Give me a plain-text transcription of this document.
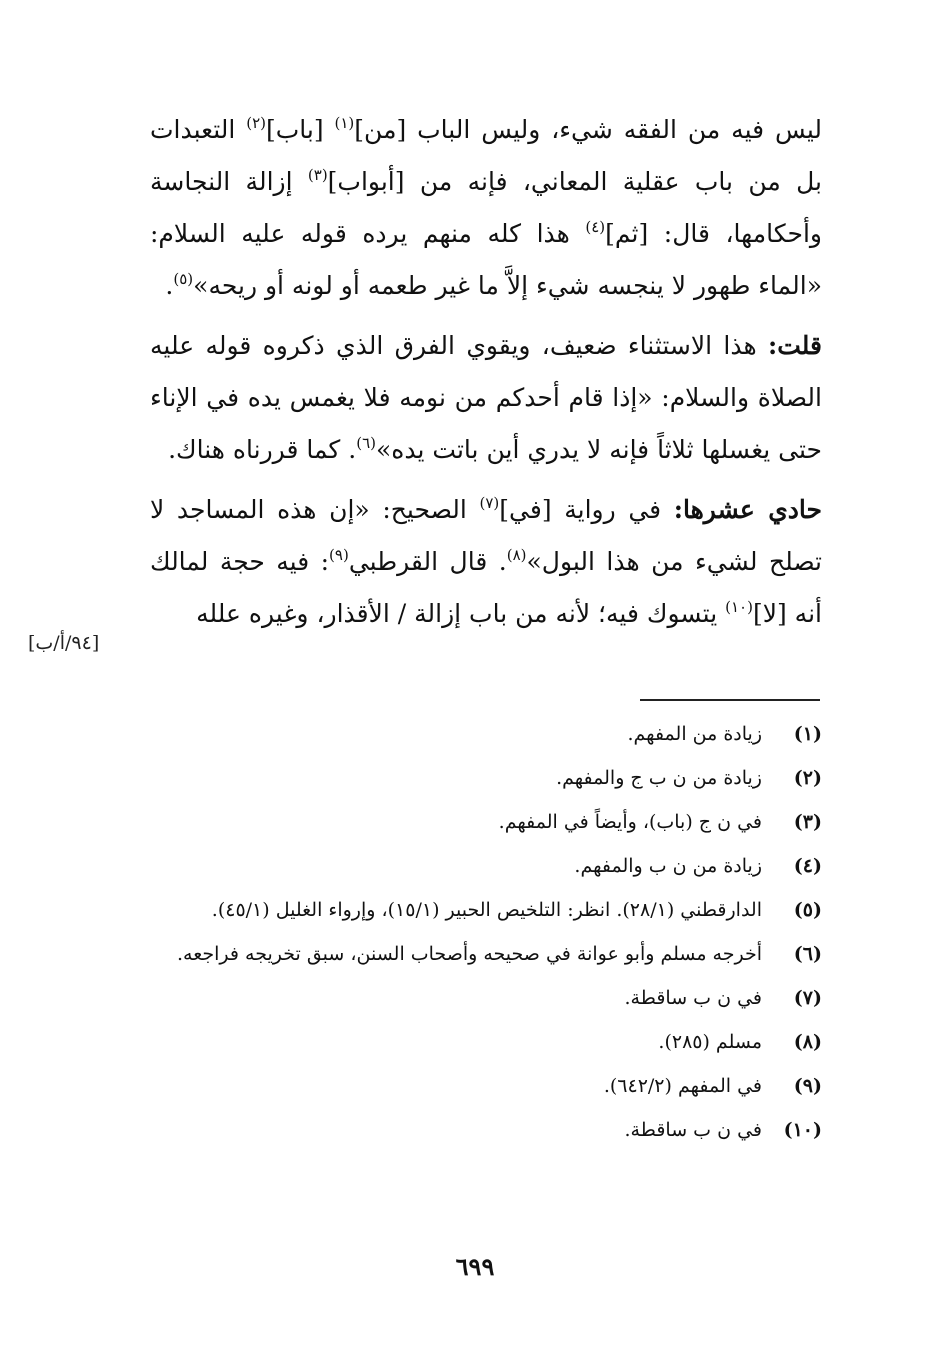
ليس فيه من الفقه شيء، وليس الباب [من]$^{(١)}$ [باب]$^{(٢)}$ التعبدات بل من باب عقلية المعاني، فإنه من [أبواب]$^{(٣)}$ إزالة النجاسة وأحكامها، قال: [ثم]$^{(٤)}$ هذا كله منهم يرده قوله عليه السلام: «الماء طهور لا ينجسه شيء إلاَّ ما غير طعمه أو لونه أو ريحه»$^{(٥)}$.

قلت: هذا الاستثناء ضعيف، ويقوي الفرق الذي ذكروه قوله عليه الصلاة والسلام: «إذا قام أحدكم من نومه فلا يغمس يده في الإناء حتى يغسلها ثلاثاً فإنه لا يدري أين باتت يده»$^{(٦)}$. كما قررناه هناك.

حادي عشرها: في رواية [في]$^{(٧)}$ الصحيح: «إن هذه المساجد لا تصلح لشيء من هذا البول»$^{(٨)}$. قال القرطبي$^{(٩)}$: فيه حجة لمالك أنه [لا]$^{(١٠)}$ يتسوك فيه؛ لأنه من باب إزالة / الأقذار، وغيره علله

[٩٤/أ/ب]
(١)
زيادة من المفهم.
(٢)
زيادة من ن ب ج والمفهم.
(٣)
في ن ج (باب)، وأيضاً في المفهم.
(٤)
زيادة من ن ب والمفهم.
(٥)
الدارقطني (٢٨/١). انظر: التلخيص الحبير (١٥/١)، وإرواء الغليل (٤٥/١).
(٦)
أخرجه مسلم وأبو عوانة في صحيحه وأصحاب السنن، سبق تخريجه فراجعه.
(٧)
في ن ب ساقطة.
(٨)
مسلم (٢٨٥).
(٩)
في المفهم (٦٤٢/٢).
(١٠)
في ن ب ساقطة.
٦٩٩
